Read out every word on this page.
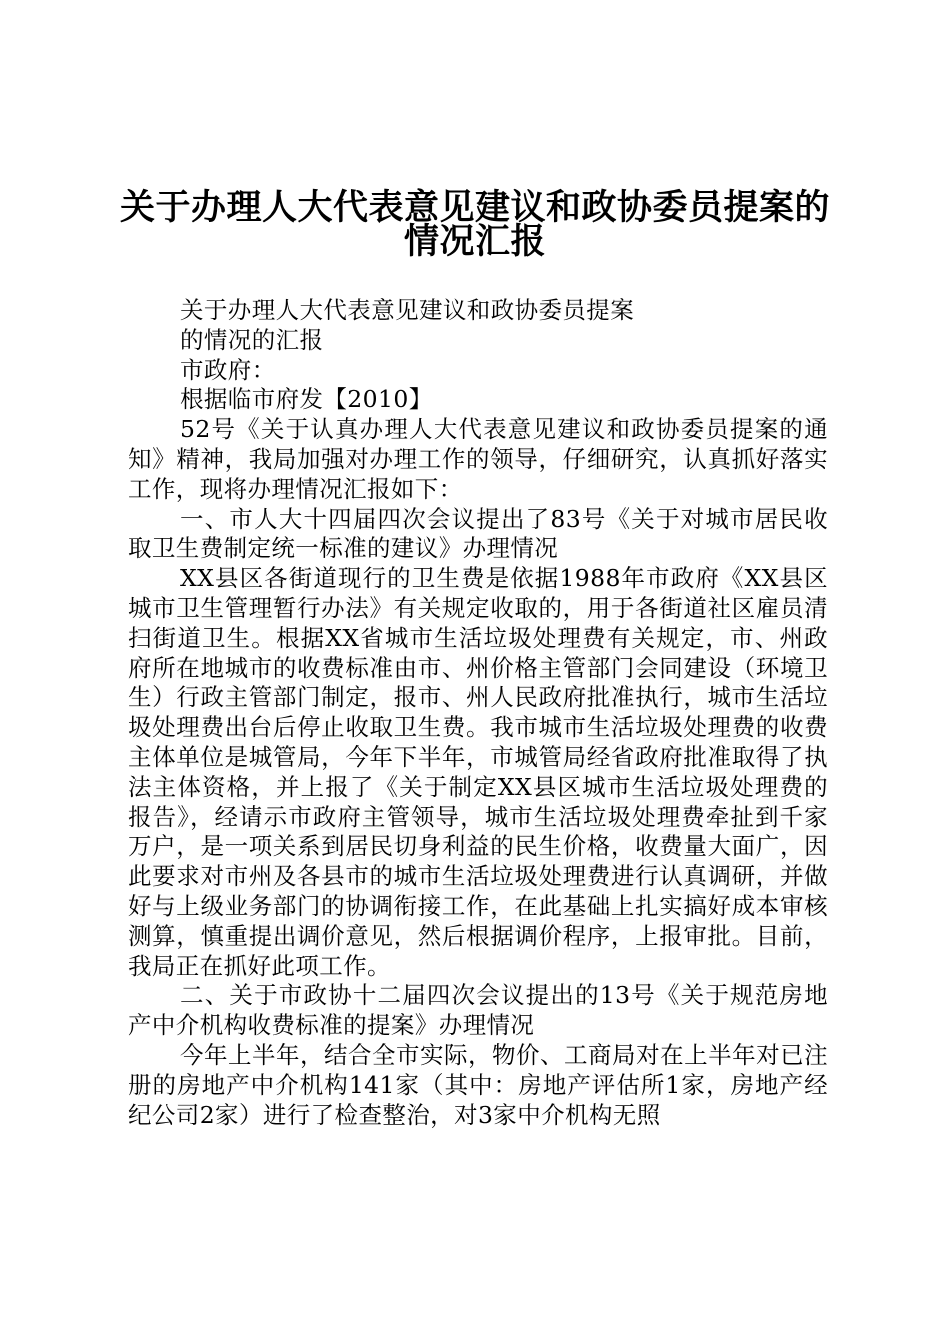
关于办理人大代表意见建议和政协委员提案的
情况汇报

关于办理人大代表意见建议和政协委员提案

的情况的汇报

市政府：

根据临市府发【2010】

52号《关于认真办理人大代表意见建议和政协委员提案的通知》精神，我局加强对办理工作的领导，仔细研究，认真抓好落实工作，现将办理情况汇报如下：

一、市人大十四届四次会议提出了83号《关于对城市居民收取卫生费制定统一标准的建议》办理情况

XX县区各街道现行的卫生费是依据1988年市政府《XX县区城市卫生管理暂行办法》有关规定收取的，用于各街道社区雇员清扫街道卫生。根据XX省城市生活垃圾处理费有关规定，市、州政府所在地城市的收费标准由市、州价格主管部门会同建设（环境卫生）行政主管部门制定，报市、州人民政府批准执行，城市生活垃圾处理费出台后停止收取卫生费。我市城市生活垃圾处理费的收费主体单位是城管局，今年下半年，市城管局经省政府批准取得了执法主体资格，并上报了《关于制定XX县区城市生活垃圾处理费的报告》，经请示市政府主管领导，城市生活垃圾处理费牵扯到千家万户，是一项关系到居民切身利益的民生价格，收费量大面广，因此要求对市州及各县市的城市生活垃圾处理费进行认真调研，并做好与上级业务部门的协调衔接工作，在此基础上扎实搞好成本审核测算，慎重提出调价意见，然后根据调价程序，上报审批。目前，我局正在抓好此项工作。

二、关于市政协十二届四次会议提出的13号《关于规范房地产中介机构收费标准的提案》办理情况

今年上半年，结合全市实际，物价、工商局对在上半年对已注册的房地产中介机构141家（其中：房地产评估所1家，房地产经纪公司2家）进行了检查整治，对3家中介机构无照
